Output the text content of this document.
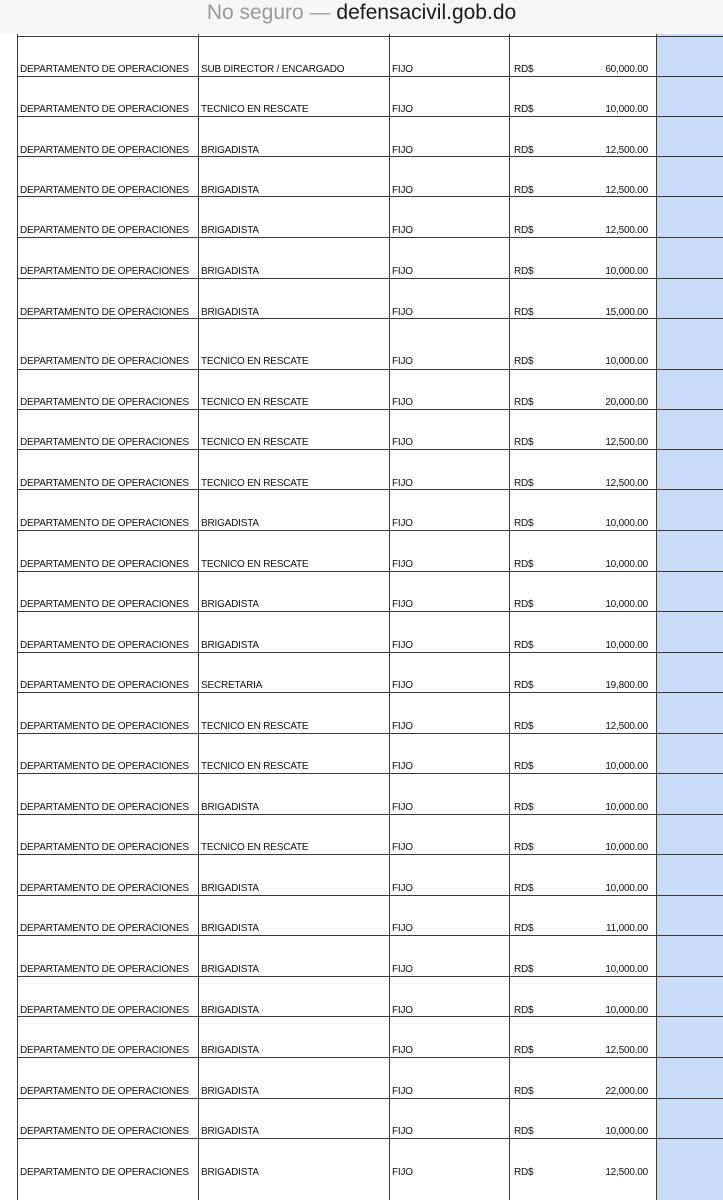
No seguro — defensacivil.gob.do
DEPARTAMENTO DE OPERACIONES SUB DIRECTOR / ENCARGADO	FIJO	RD$	60,000.00
DEPARTAMENTO DE OPERACIONES TECNICO EN RESCATE	FIJO	RD$	10,000.00
DEPARTAMENTO DE OPERACIONES BRIGADISTA	FIJO	RD$	12,500.00
DEPARTAMENTO DE OPERACIONES BRIGADISTA	FIJO	RD$	12,500.00
DEPARTAMENTO DE OPERACIONES BRIGADISTA	FIJO	RD$	12,500.00
DEPARTAMENTO DE OPERACIONES BRIGADISTA	FIJO	RD$	10,000.00
DEPARTAMENTO DE OPERACIONES BRIGADISTA	FIJO	RD$	15,000.00
DEPARTAMENTO DE OPERACIONES TECNICO EN RESCATE	FIJO	RD$	10,000.00
DEPARTAMENTO DE OPERACIONES TECNICO EN RESCATE	FIJO	RD$	20,000.00
DEPARTAMENTO DE OPERACIONES TECNICO EN RESCATE	FIJO	RD$	12,500.00
DEPARTAMENTO DE OPERACIONES TECNICO EN RESCATE	FIJO	RD$	12,500.00
DEPARTAMENTO DE OPERACIONES BRIGADISTA	FIJO	RD$	10,000.00
DEPARTAMENTO DE OPERACIONES TECNICO EN RESCATE	FIJO	RD$	10,000.00
DEPARTAMENTO DE OPERACIONES BRIGADISTA	FIJO	RD$	10,000.00
DEPARTAMENTO DE OPERACIONES BRIGADISTA	FIJO	RD$	10,000.00
DEPARTAMENTO DE OPERACIONES SECRETARIA	FIJO	RD$	19,800.00
DEPARTAMENTO DE OPERACIONES TECNICO EN RESCATE	FIJO	RD$	12,500.00
DEPARTAMENTO DE OPERACIONES TECNICO EN RESCATE	FIJO	RD$	10,000.00
DEPARTAMENTO DE OPERACIONES BRIGADISTA	FIJO	RD$	10,000.00
DEPARTAMENTO DE OPERACIONES TECNICO EN RESCATE	FIJO	RD$	10,000.00
DEPARTAMENTO DE OPERACIONES BRIGADISTA	FIJO	RD$	10,000.00
DEPARTAMENTO DE OPERACIONES BRIGADISTA	FIJO	RD$	11,000.00
DEPARTAMENTO DE OPERACIONES BRIGADISTA	FIJO	RD$	10,000.00
DEPARTAMENTO DE OPERACIONES BRIGADISTA	FIJO	RD$	10,000.00
DEPARTAMENTO DE OPERACIONES BRIGADISTA	FIJO	RD$	12,500.00
DEPARTAMENTO DE OPERACIONES BRIGADISTA	FIJO	RD$	22,000.00
DEPARTAMENTO DE OPERACIONES BRIGADISTA	FIJO	RD$	10,000.00
DEPARTAMENTO DE OPERACIONES BRIGADISTA	FIJO	RD$	12,500.00
